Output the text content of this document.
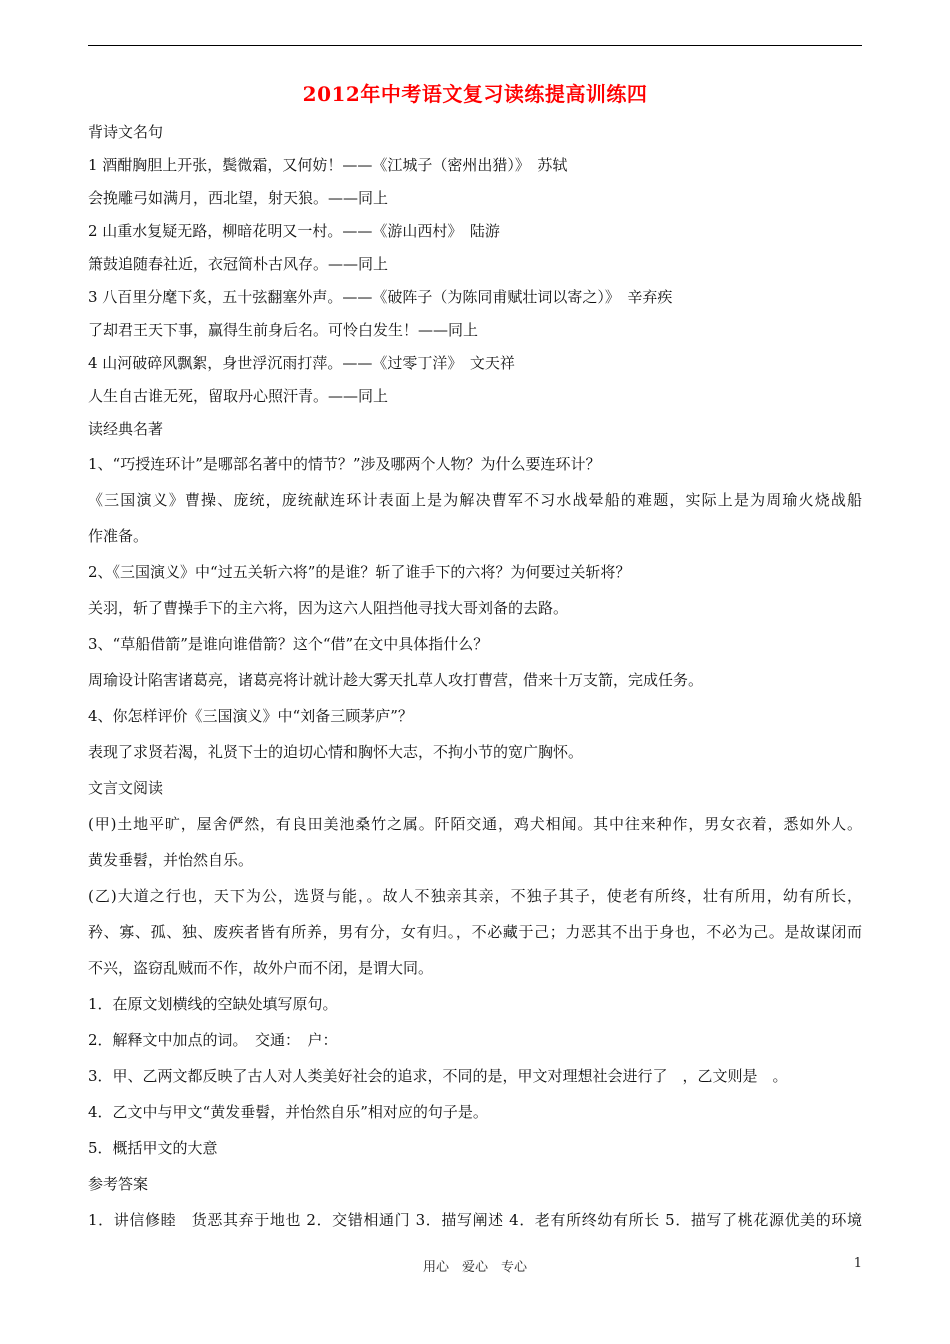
2012年中考语文复习读练提高训练四
背诗文名句
1 酒酣胸胆上开张，鬓微霜，又何妨！——《江城子（密州出猎）》　苏轼
会挽雕弓如满月，西北望，射天狼。——同上
2 山重水复疑无路，柳暗花明又一村。——《游山西村》　陆游
箫鼓追随春社近，衣冠简朴古风存。——同上
3 八百里分麾下炙，五十弦翻塞外声。——《破阵子（为陈同甫赋壮词以寄之）》　辛弃疾
了却君王天下事，赢得生前身后名。可怜白发生！——同上
4 山河破碎风飘絮，身世浮沉雨打萍。——《过零丁洋》　文天祥
人生自古谁无死，留取丹心照汗青。——同上
读经典名著
1、“巧授连环计”是哪部名著中的情节？”涉及哪两个人物？为什么要连环计？
《三国演义》曹操、庞统，庞统献连环计表面上是为解决曹军不习水战晕船的难题，实际上是为周瑜火烧战船
作准备。
2、《三国演义》中“过五关斩六将”的是谁？斩了谁手下的六将？为何要过关斩将？
关羽，斩了曹操手下的主六将，因为这六人阻挡他寻找大哥刘备的去路。
3、“草船借箭”是谁向谁借箭？这个“借”在文中具体指什么？
周瑜设计陷害诸葛亮，诸葛亮将计就计趁大雾天扎草人攻打曹营，借来十万支箭，完成任务。
4、你怎样评价《三国演义》中“刘备三顾茅庐”？
表现了求贤若渴，礼贤下士的迫切心情和胸怀大志，不拘小节的宽广胸怀。
文言文阅读
(甲)土地平旷，屋舍俨然，有良田美池桑竹之属。阡陌交通，鸡犬相闻。其中往来种作，男女衣着，悉如外人。
黄发垂髫，并怡然自乐。
(乙)大道之行也，天下为公，选贤与能，。故人不独亲其亲，不独子其子，使老有所终，壮有所用，幼有所长，
矜、寡、孤、独、废疾者皆有所养，男有分，女有归。，不必藏于己；力恶其不出于身也，不必为己。是故谋闭而
不兴，盗窃乱贼而不作，故外户而不闭，是谓大同。
1．在原文划横线的空缺处填写原句。
2．解释文中加点的词。　交通：　户：
3．甲、乙两文都反映了古人对人类美好社会的追求，不同的是，甲文对理想社会进行了　，乙文则是　。
4．乙文中与甲文“黄发垂髫，并怡然自乐”相对应的句子是。
5．概括甲文的大意
参考答案
1．讲信修睦　货恶其弃于地也 2．交错相通门 3．描写阐述 4．老有所终幼有所长 5．描写了桃花源优美的环境
用心　爱心　专心	1
